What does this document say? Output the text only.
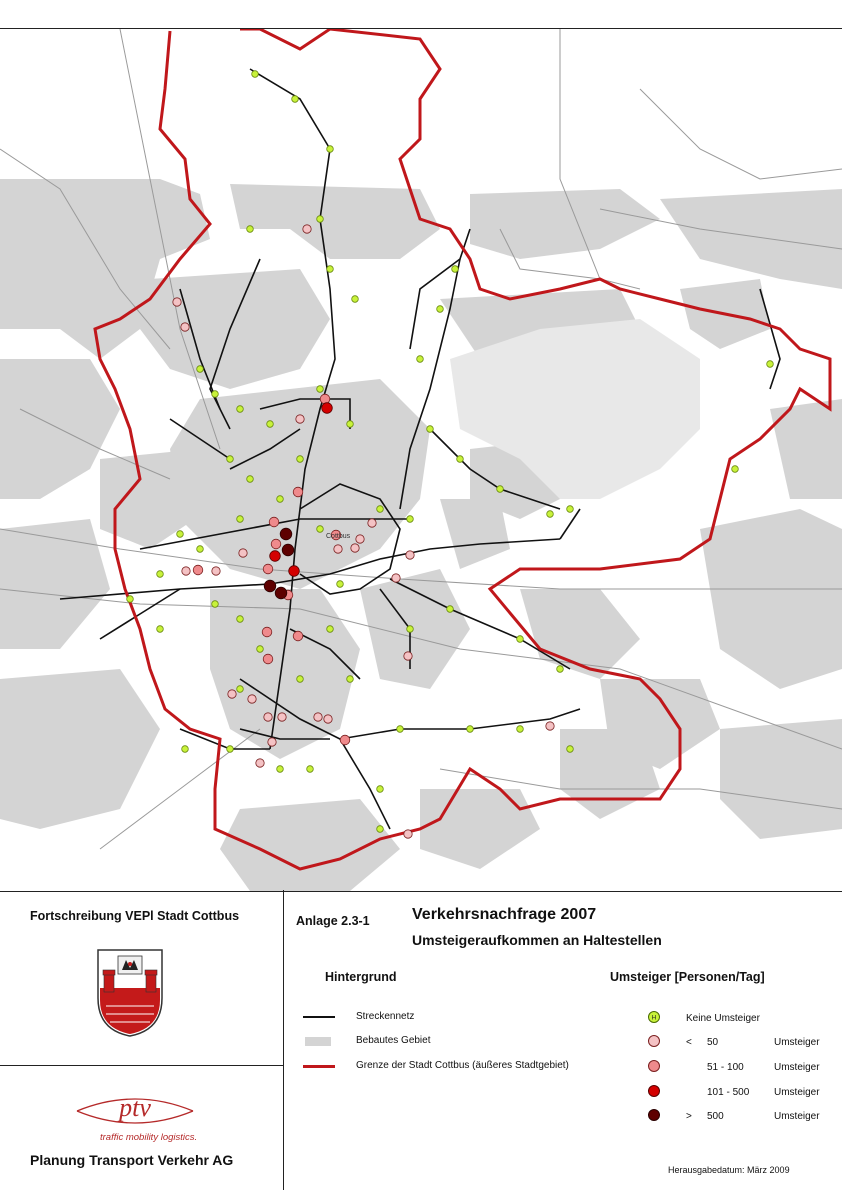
Cottbus
Fortschreibung VEPl Stadt Cottbus
ptv
traffic mobility logistics.
Planung Transport Verkehr AG
Anlage 2.3-1	Verkehrsnachfrage 2007
Umsteigeraufkommen an Haltestellen
Hintergrund	Umsteiger [Personen/Tag]
Streckennetz
Bebautes Gebiet
Grenze der Stadt Cottbus (äußeres Stadtgebiet)
H	Keine Umsteiger
< 50	Umsteiger
51 - 100	Umsteiger
101 - 500 Umsteiger
> 500	Umsteiger
Herausgabedatum: März 2009
